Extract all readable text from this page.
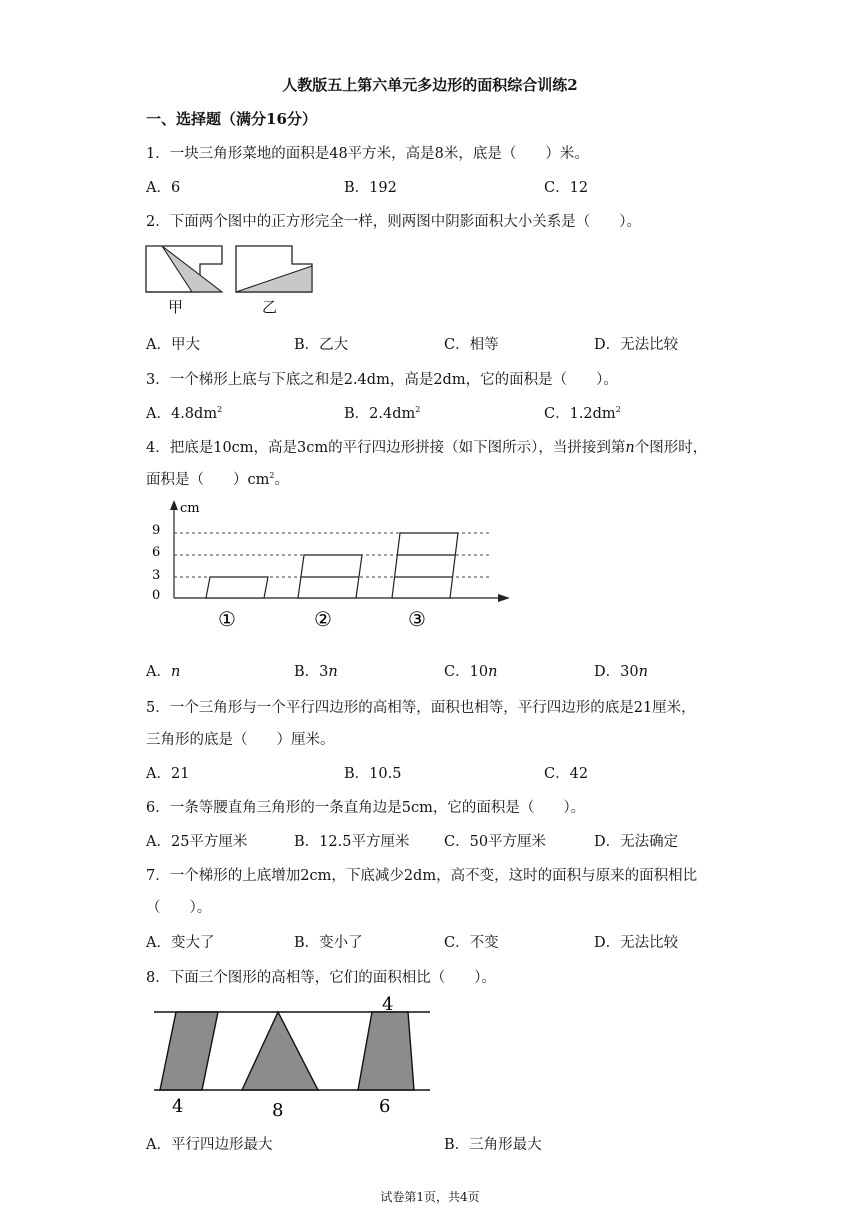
人教版五上第六单元多边形的面积综合训练2
一、选择题（满分16分）
1．一块三角形菜地的面积是48平方米，高是8米，底是（　　）米。
A．6	B．192	C．12
2．下面两个图中的正方形完全一样，则两图中阴影面积大小关系是（　　）。
甲	乙
A．甲大	B．乙大	C．相等	D．无法比较
3．一个梯形上底与下底之和是2.4dm，高是2dm，它的面积是（　　）。
A．$4.8dm^2$	B．$2.4dm^2$	C．$1.2dm^2$
4．把底是10cm，高是3cm的平行四边形拼接（如下图所示），当拼接到第n个图形时，
面积是（　　）$cm^2$。
cm
9
6
3
0
①	②	③
A．n	B．3n	C．10n	D．30n
5．一个三角形与一个平行四边形的高相等，面积也相等，平行四边形的底是21厘米，
三角形的底是（　　）厘米。
A．21	B．10.5	C．42
6．一条等腰直角三角形的一条直角边是5cm，它的面积是（　　）。
A．25平方厘米	B．12.5平方厘米 C．50平方厘米	D．无法确定
7．一个梯形的上底增加2cm，下底减少2dm，高不变，这时的面积与原来的面积相比
（　　）。
A．变大了	B．变小了	C．不变	D．无法比较
8．下面三个图形的高相等，它们的面积相比（　　）。
4
4	8	6
A．平行四边形最大	B．三角形最大
试卷第1页，共4页
